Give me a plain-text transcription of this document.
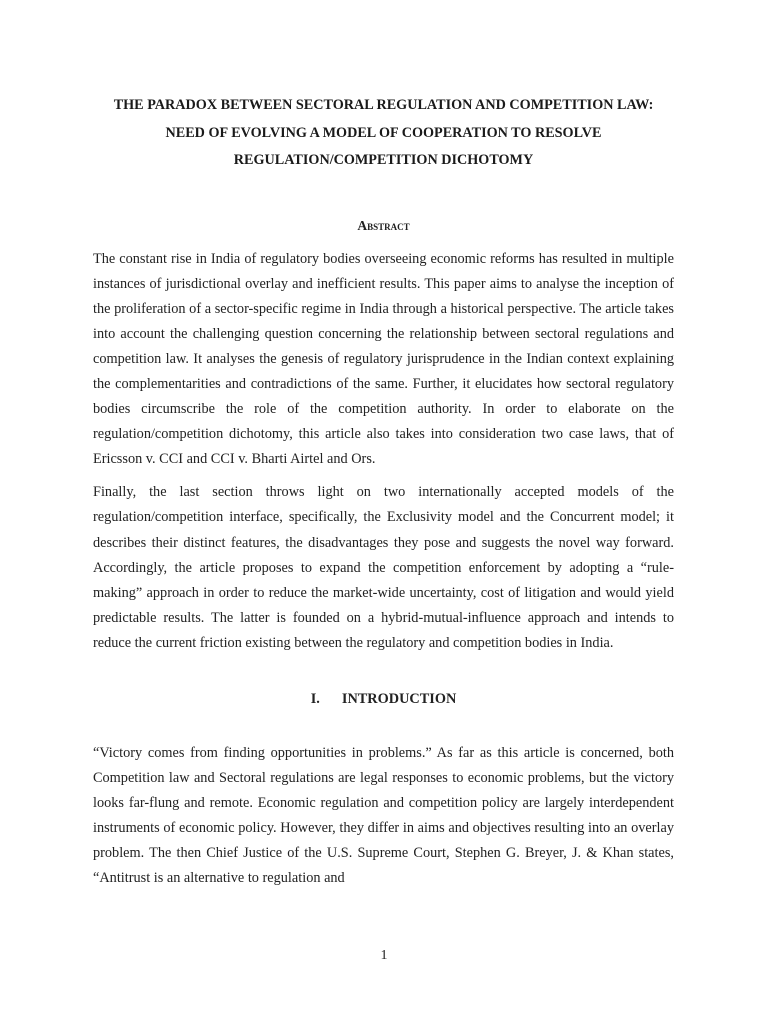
THE PARADOX BETWEEN SECTORAL REGULATION AND COMPETITION LAW: NEED OF EVOLVING A MODEL OF COOPERATION TO RESOLVE REGULATION/COMPETITION DICHOTOMY
Abstract

The constant rise in India of regulatory bodies overseeing economic reforms has resulted in multiple instances of jurisdictional overlay and inefficient results. This paper aims to analyse the inception of the proliferation of a sector-specific regime in India through a historical perspective. The article takes into account the challenging question concerning the relationship between sectoral regulations and competition law. It analyses the genesis of regulatory jurisprudence in the Indian context explaining the complementarities and contradictions of the same. Further, it elucidates how sectoral regulatory bodies circumscribe the role of the competition authority. In order to elaborate on the regulation/competition dichotomy, this article also takes into consideration two case laws, that of Ericsson v. CCI and CCI v. Bharti Airtel and Ors.

Finally, the last section throws light on two internationally accepted models of the regulation/competition interface, specifically, the Exclusivity model and the Concurrent model; it describes their distinct features, the disadvantages they pose and suggests the novel way forward. Accordingly, the article proposes to expand the competition enforcement by adopting a “rule-making” approach in order to reduce the market-wide uncertainty, cost of litigation and would yield predictable results. The latter is founded on a hybrid-mutual-influence approach and intends to reduce the current friction existing between the regulatory and competition bodies in India.

I. INTRODUCTION

“Victory comes from finding opportunities in problems.” As far as this article is concerned, both Competition law and Sectoral regulations are legal responses to economic problems, but the victory looks far-flung and remote. Economic regulation and competition policy are largely interdependent instruments of economic policy. However, they differ in aims and objectives resulting into an overlay problem. The then Chief Justice of the U.S. Supreme Court, Stephen G. Breyer, J. & Khan states, “Antitrust is an alternative to regulation and

1
